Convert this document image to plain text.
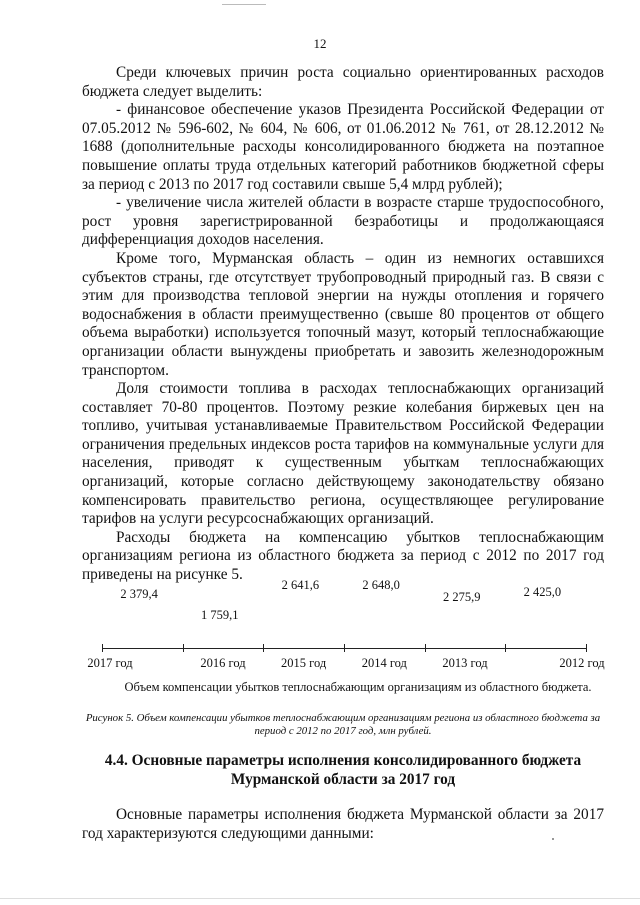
12

Среди ключевых причин роста социально ориентированных расходов бюджета следует выделить:

- финансовое обеспечение указов Президента Российской Федерации от 07.05.2012 № 596-602, № 604, № 606, от 01.06.2012 № 761, от 28.12.2012 № 1688 (дополнительные расходы консолидированного бюджета на поэтапное повышение оплаты труда отдельных категорий работников бюджетной сферы за период с 2013 по 2017 год составили свыше 5,4 млрд рублей);

- увеличение числа жителей области в возрасте старше трудоспособного, рост уровня зарегистрированной безработицы и продолжающаяся дифференциация доходов населения.

Кроме того, Мурманская область – один из немногих оставшихся субъектов страны, где отсутствует трубопроводный природный газ. В связи с этим для производства тепловой энергии на нужды отопления и горячего водоснабжения в области преимущественно (свыше 80 процентов от общего объема выработки) используется топочный мазут, который теплоснабжающие организации области вынуждены приобретать и завозить железнодорожным транспортом.

Доля стоимости топлива в расходах теплоснабжающих организаций составляет 70-80 процентов. Поэтому резкие колебания биржевых цен на топливо, учитывая устанавливаемые Правительством Российской Федерации ограничения предельных индексов роста тарифов на коммунальные услуги для населения, приводят к существенным убыткам теплоснабжающих организаций, которые согласно действующему законодательству обязано компенсировать правительство региона, осуществляющее регулирование тарифов на услуги ресурсоснабжающих организаций.

Расходы бюджета на компенсацию убытков теплоснабжающим организациям региона из областного бюджета за период с 2012 по 2017 год приведены на рисунке 5.

Объем компенсации убытков теплоснабжающим организациям из областного бюджета.
2017 год
2 379,4
2016 год
1 759,1
2015 год
2 641,6
2014 год
2 648,0
2013 год
2 275,9
2012 год
2 425,0
Рисунок 5. Объем компенсации убытков теплоснабжающим организациям региона из областного бюджета за период с 2012 по 2017 год, млн рублей.
4.4. Основные параметры исполнения консолидированного бюджета Мурманской области за 2017 год

Основные параметры исполнения бюджета Мурманской области за 2017 год характеризуются следующими данными:
